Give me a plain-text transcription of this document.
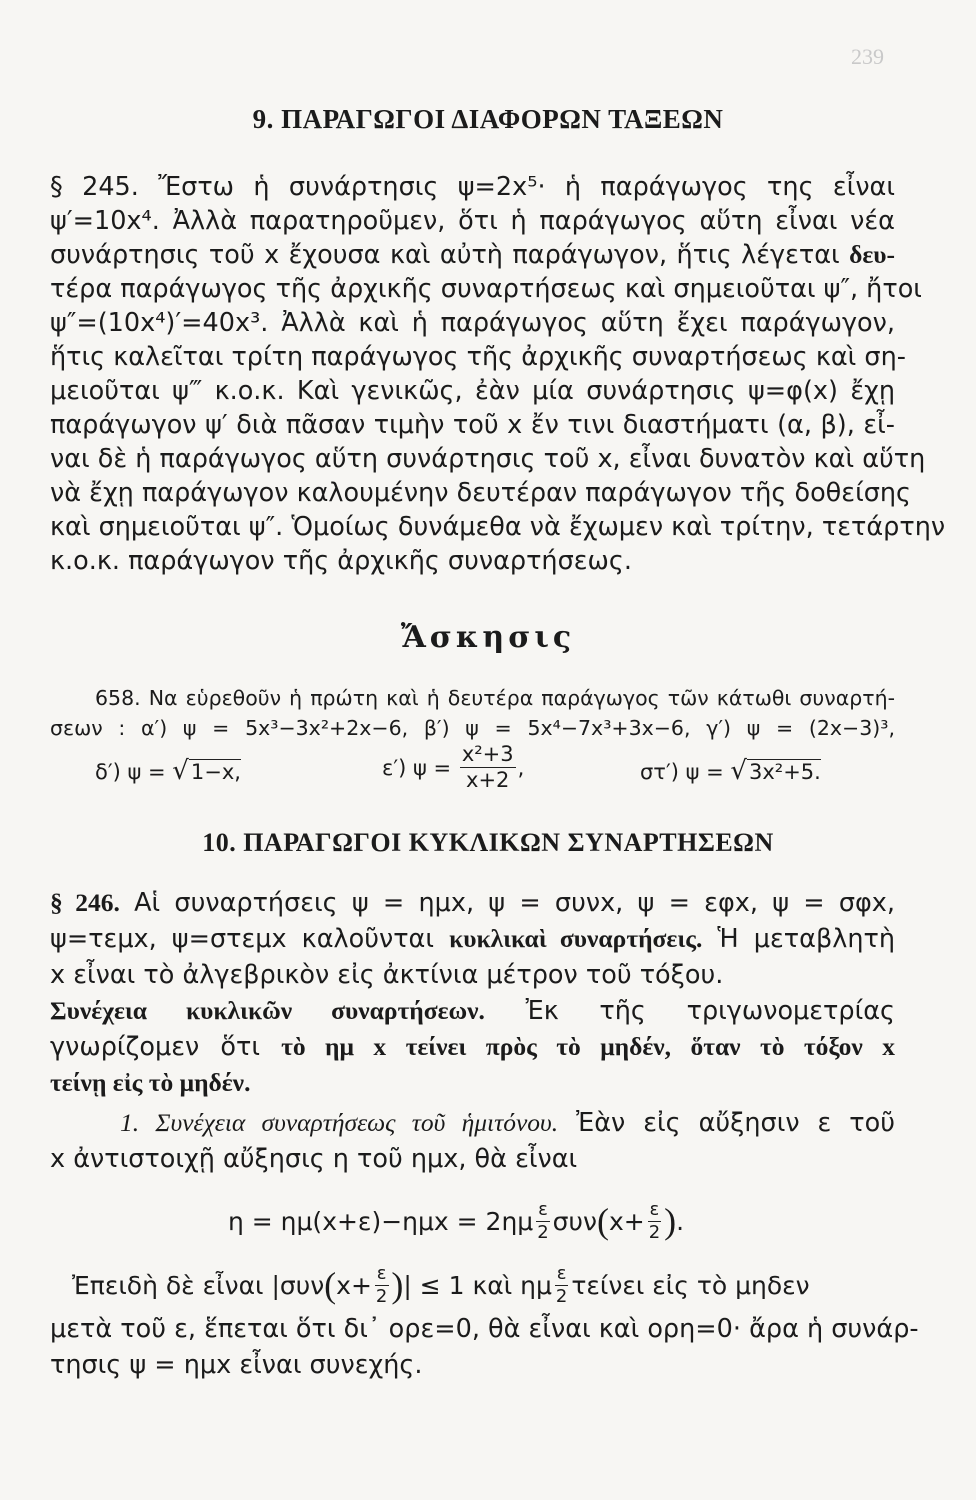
239
9. ΠΑΡΑΓΩΓΟΙ ΔΙΑΦΟΡΩΝ ΤΑΞΕΩΝ
§ 245. Ἔστω ἡ συνάρτησις ψ=2x⁵· ἡ παράγωγος της εἶναι
ψ′=10x⁴. Ἀλλὰ παρατηροῦμεν, ὅτι ἡ παράγωγος αὕτη εἶναι νέα
συνάρτησις τοῦ x ἔχουσα καὶ αὐτὴ παράγωγον, ἥτις λέγεται δευ-
τέρα παράγωγος τῆς ἀρχικῆς συναρτήσεως καὶ σημειοῦται ψ″, ἤτοι
ψ″=(10x⁴)′=40x³. Ἀλλὰ καὶ ἡ παράγωγος αὕτη ἔχει παράγωγον,
ἥτις καλεῖται τρίτη παράγωγος τῆς ἀρχικῆς συναρτήσεως καὶ ση-
μειοῦται ψ‴ κ.ο.κ. Καὶ γενικῶς, ἐὰν μία συνάρτησις ψ=φ(x) ἔχῃ
παράγωγον ψ′ διὰ πᾶσαν τιμὴν τοῦ x ἔν τινι διαστήματι (α, β), εἶ-
ναι δὲ ἡ παράγωγος αὕτη συνάρτησις τοῦ x, εἶναι δυνατὸν καὶ αὕτη
νὰ ἔχῃ παράγωγον καλουμένην δευτέραν παράγωγον τῆς δοθείσης
καὶ σημειοῦται ψ″. Ὁμοίως δυνάμεθα νὰ ἔχωμεν καὶ τρίτην, τετάρτην
κ.ο.κ. παράγωγον τῆς ἀρχικῆς συναρτήσεως.
Ἄσκησις
658. Να εὑρεθοῦν ἡ πρώτη καὶ ἡ δευτέρα παράγωγος τῶν κάτωθι συναρτή-
σεων : α′) ψ = 5x³−3x²+2x−6, β′) ψ = 5x⁴−7x³+3x−6, γ′) ψ = (2x−3)³,
δ′) ψ = √1−x,	ε′) ψ =
$\frac{\text{x²+3}}{x+2}$ ,	στ′) ψ = √3x²+5.
10. ΠΑΡΑΓΩΓΟΙ ΚΥΚΛΙΚΩΝ ΣΥΝΑΡΤΗΣΕΩΝ
§ 246. Αἱ συναρτήσεις ψ = ημx, ψ = συνx, ψ = εφx, ψ = σφx,
ψ=τεμx, ψ=στεμx καλοῦνται κυκλικαὶ συναρτήσεις. Ἡ μεταβλητὴ
x εἶναι τὸ ἀλγεβρικὸν εἰς ἀκτίνια μέτρον τοῦ τόξου.
Συνέχεια κυκλικῶν συναρτήσεων. Ἐκ τῆς τριγωνομετρίας
γνωρίζομεν ὅτι τὸ ημ x τείνει πρὸς τὸ μηδέν, ὅταν τὸ τόξον x
τείνῃ εἰς τὸ μηδέν.
1. Συνέχεια συναρτήσεως τοῦ ἡμιτόνου. Ἐὰν εἰς αὔξησιν ε τοῦ
x ἀντιστοιχῇ αὔξησις η τοῦ ημx, θὰ εἶναι
$\eta = \eta\mu(x+\varepsilon)-\eta\mu x = 2\eta\mu \frac{\varepsilon}{2}$ συν ( $x+ \frac{\varepsilon}{2}$ ) .
Ἐπειδὴ δὲ εἶναι |συν ( $x+ \frac{\varepsilon}{2}$ ) | ≤ 1 καὶ ημ $\frac{\varepsilon}{2}$ τείνει εἰς τὸ μηδεν
μετὰ τοῦ ε, ἕπεται ὅτι δι᾽ ορε=0, θὰ εἶναι καὶ ορη=0· ἄρα ἡ συνάρ-
τησις ψ = ημx εἶναι συνεχής.
